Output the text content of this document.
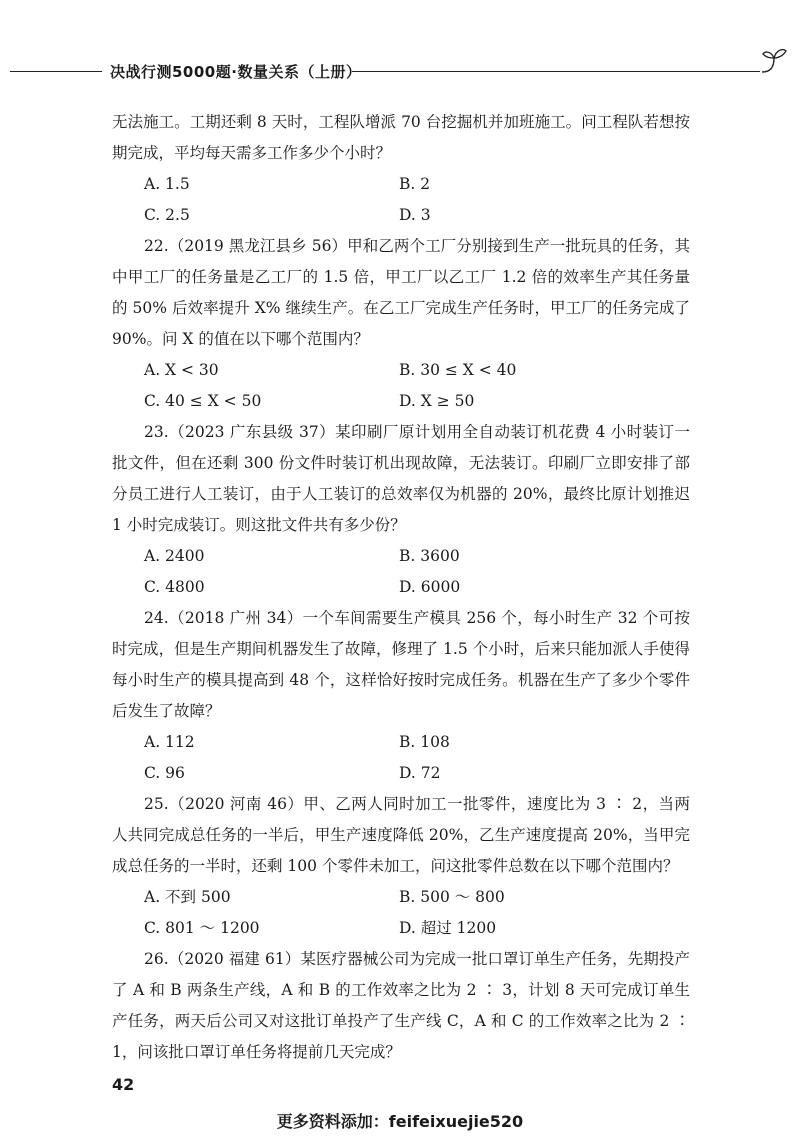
决战行测5000题·数量关系（上册）

无法施工。工期还剩 8 天时，工程队增派 70 台挖掘机并加班施工。问工程队若想按期完成，平均每天需多工作多少个小时？

A. 1.5	B. 2
C. 2.5	D. 3

22.（2019 黑龙江县乡 56）甲和乙两个工厂分别接到生产一批玩具的任务，其中甲工厂的任务量是乙工厂的 1.5 倍，甲工厂以乙工厂 1.2 倍的效率生产其任务量的 50% 后效率提升 X% 继续生产。在乙工厂完成生产任务时，甲工厂的任务完成了 90%。问 X 的值在以下哪个范围内？

A. X < 30	B. 30 ≤ X < 40
C. 40 ≤ X < 50	D. X ≥ 50

23.（2023 广东县级 37）某印刷厂原计划用全自动装订机花费 4 小时装订一批文件，但在还剩 300 份文件时装订机出现故障，无法装订。印刷厂立即安排了部分员工进行人工装订，由于人工装订的总效率仅为机器的 20%，最终比原计划推迟 1 小时完成装订。则这批文件共有多少份？

A. 2400	B. 3600
C. 4800	D. 6000

24.（2018 广州 34）一个车间需要生产模具 256 个，每小时生产 32 个可按时完成，但是生产期间机器发生了故障，修理了 1.5 个小时，后来只能加派人手使得每小时生产的模具提高到 48 个，这样恰好按时完成任务。机器在生产了多少个零件后发生了故障？

A. 112	B. 108
C. 96	D. 72

25.（2020 河南 46）甲、乙两人同时加工一批零件，速度比为 3 ∶ 2，当两人共同完成总任务的一半后，甲生产速度降低 20%，乙生产速度提高 20%，当甲完成总任务的一半时，还剩 100 个零件未加工，问这批零件总数在以下哪个范围内？

A. 不到 500	B. 500 ～ 800
C. 801 ～ 1200	D. 超过 1200

26.（2020 福建 61）某医疗器械公司为完成一批口罩订单生产任务，先期投产了 A 和 B 两条生产线，A 和 B 的工作效率之比为 2 ∶ 3，计划 8 天可完成订单生产任务，两天后公司又对这批订单投产了生产线 C，A 和 C 的工作效率之比为 2 ∶ 1，问该批口罩订单任务将提前几天完成？

42
更多资料添加：feifeixuejie520
